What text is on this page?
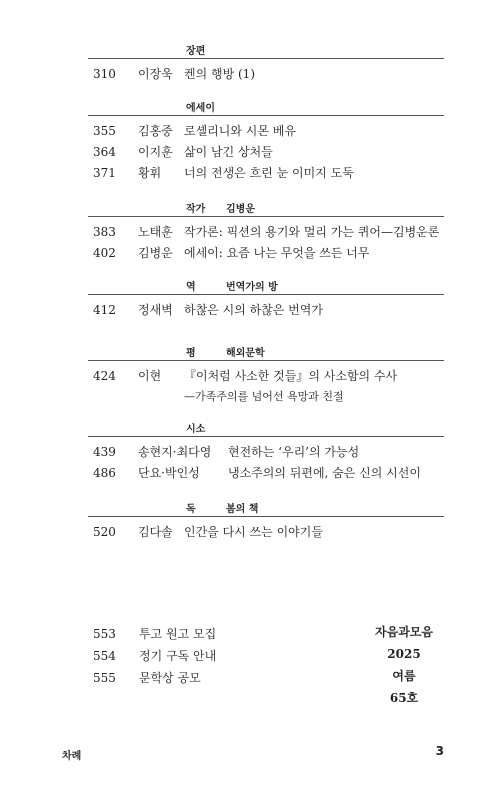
장편
310 이장욱 켄의 행방 (1)
에세이
355 김홍중 로셸리니와 시몬 베유
364 이지훈 삶이 남긴 상처들
371 황휘 너의 전생은 흐린 눈 이미지 도둑
작가 김병운
383 노태훈 작가론: 픽션의 용기와 멀리 가는 퀴어—김병운론
402 김병운 에세이: 요즘 나는 무엇을 쓰든 너무
역	번역가의 방
412 정새벽 하찮은 시의 하찮은 번역가
평	해외문학
424 이현 『이처럼 사소한 것들』의 사소함의 수사
—가족주의를 넘어선 욕망과 친절
시소
439 송현지·최다영 현전하는 ‘우리’의 가능성
486 단요·박인성 냉소주의의 뒤편에, 숨은 신의 시선이
독	봄의 책
520 김다솔 인간을 다시 쓰는 이야기들
553 투고 원고 모집
554 정기 구독 안내
555 문학상 공모
자음과모음
2025
여름
65호
차례	3
